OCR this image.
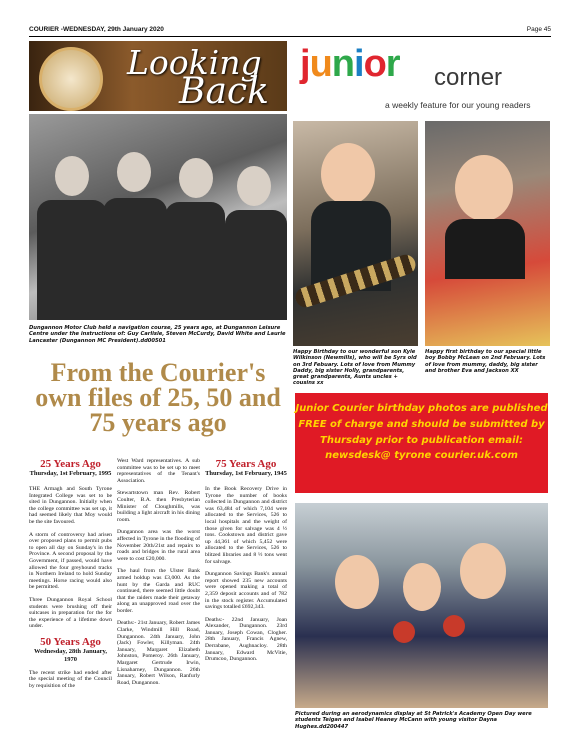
COURIER -WEDNESDAY, 29th January 2020	Page 45
Looking
Back
Dungannon Motor Club held a navigation course, 25 years ago, at Dungannon Leisure Centre under the instructions of: Guy Carlisle, Steven McCurdy, David White and Laurie Lancaster (Dungannon MC President).dd00501
From the Courier's own files of 25, 50 and 75 years ago
25 Years Ago
Thursday, 1st February, 1995

THE Armagh and South Tyrone Integrated College was set to be sited in Dungannon. Initially when the college committee was set up, it had seemed likely that Moy would be the site favoured.

A storm of controversy had arisen over proposed plans to permit pubs to open all day on Sunday's in the Province. A second proposal by the Government, if passed, would have allowed the four greyhound tracks in Northern Ireland to hold Sunday meetings. Horse racing would also be permitted.

Three Dungannon Royal School students were brushing off their suitcases in preparation for the for the experience of a lifetime down under.

50 Years Ago
Wednesday, 28th January, 1970

The recent strike had ended after the special meeting of the Council by requisition of the

West Ward representatives. A sub committee was to be set up to meet representatives of the Tenant's Association.

Stewartstown man Rev. Robert Coulter, B.A. then Presbyterian Minister of Cloughmills, was building a light aircraft in his dining room.

Dungannon area was the worst affected in Tyrone in the flooding of November 20th/21st and repairs to roads and bridges in the rural area were to cost £20,000.

The haul from the Ulster Bank armed holdup was £3,000. As the hunt by the Garda and RUC continued, there seemed little doubt that the raiders made their getaway along an unapproved road over the border.

Deaths:- 21st January, Robert James Clarke, Windmill Hill Road, Dungannon. 24th January, John (Jack) Fowler, Killyman. 24th January, Margaret Elizabeth Johnston, Pomeroy. 26th January, Margaret Gertrude Irwin, Lisnaharney, Dungannon. 26th January, Robert Wilson, Ranfurly Road, Dungannon.

75 Years Ago
Thursday, 1st February, 1945

In the Book Recovery Drive in Tyrone the number of books collected in Dungannon and district was 63,484 of which 7,104 were allocated to the Services, 526 to local hospitals and the weight of those given for salvage was 4 ½ tons. Cookstown and district gave up 44,361 of which 5,452 were allocated to the Services, 526 to blitzed libraries and 8 ½ tons went for salvage.

Dungannon Savings Bank's annual report showed 235 new accounts were opened making a total of 2,359 deposit accounts and of 782 in the stock register. Accumulated savings totalled £692,343.

Deaths:- 22nd January, Joan Alexander, Dungannon. 23rd January, Joseph Cowan, Clogher. 28th January, Francis Agnew, Derrabane, Aughnacloy. 28th January, Edward McVitie, Drumcoo, Dungannon.

junior corner
a weekly feature for our young readers
Happy Birthday to our wonderful son Kyle Wilkinson (Newmills), who will be 5yrs old on 3rd Febuary. Lots of love from Mummy Daddy, big sister Holly, grandparents, great grandparents, Aunts uncles + cousins xx
Happy first birthday to our special little boy Bobby McLean on 2nd February. Lots of love from mummy, daddy, big sister and brother Eva and Jackson XX
Junior Courier birthday photos are published FREE of charge and should be submitted by Thursday prior to publication email: newsdesk@ tyrone courier.uk.com
Pictured during an aerodynamics display at St Patrick's Academy Open Day were students Teigan and Isabel Heaney McCann with young visitor Dayna Hughes.dd200447
